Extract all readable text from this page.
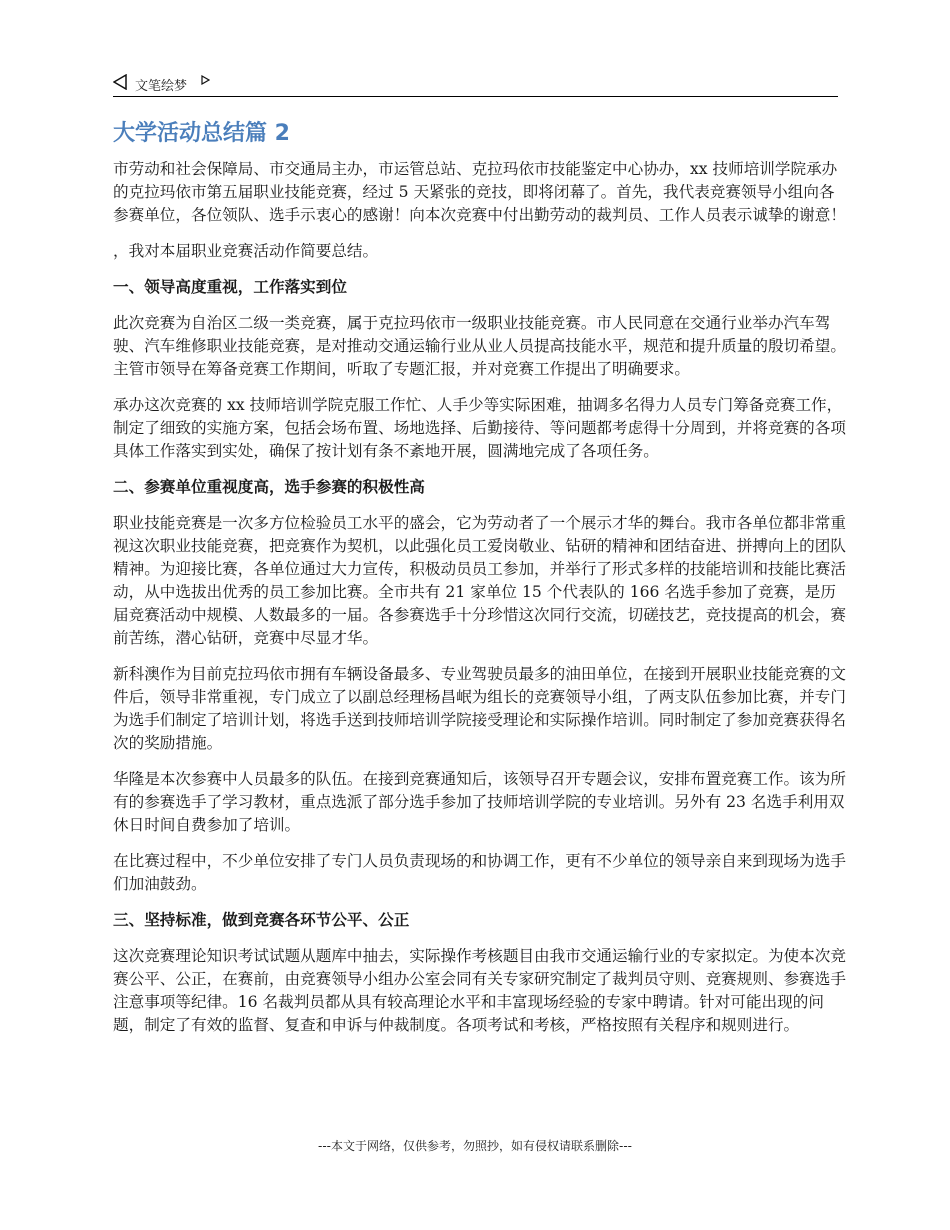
文笔绘梦
大学活动总结篇 2

市劳动和社会保障局、市交通局主办，市运管总站、克拉玛依市技能鉴定中心协办，xx 技师培训学院承办的克拉玛依市第五届职业技能竞赛，经过 5 天紧张的竞技，即将闭幕了。首先，我代表竞赛领导小组向各参赛单位，各位领队、选手示衷心的感谢！向本次竞赛中付出勤劳动的裁判员、工作人员表示诚挚的谢意！

，我对本届职业竞赛活动作简要总结。

一、领导高度重视，工作落实到位

此次竞赛为自治区二级一类竞赛，属于克拉玛依市一级职业技能竞赛。市人民同意在交通行业举办汽车驾驶、汽车维修职业技能竞赛，是对推动交通运输行业从业人员提高技能水平，规范和提升质量的殷切希望。主管市领导在筹备竞赛工作期间，听取了专题汇报，并对竞赛工作提出了明确要求。

承办这次竞赛的 xx 技师培训学院克服工作忙、人手少等实际困难，抽调多名得力人员专门筹备竞赛工作，制定了细致的实施方案，包括会场布置、场地选择、后勤接待、等问题都考虑得十分周到，并将竞赛的各项具体工作落实到实处，确保了按计划有条不紊地开展，圆满地完成了各项任务。

二、参赛单位重视度高，选手参赛的积极性高

职业技能竞赛是一次多方位检验员工水平的盛会，它为劳动者了一个展示才华的舞台。我市各单位都非常重视这次职业技能竞赛，把竞赛作为契机，以此强化员工爱岗敬业、钻研的精神和团结奋进、拼搏向上的团队精神。为迎接比赛，各单位通过大力宣传，积极动员员工参加，并举行了形式多样的技能培训和技能比赛活动，从中选拔出优秀的员工参加比赛。全市共有 21 家单位 15 个代表队的 166 名选手参加了竞赛，是历届竞赛活动中规模、人数最多的一届。各参赛选手十分珍惜这次同行交流，切磋技艺，竞技提高的机会，赛前苦练，潜心钻研，竞赛中尽显才华。

新科澳作为目前克拉玛依市拥有车辆设备最多、专业驾驶员最多的油田单位，在接到开展职业技能竞赛的文件后，领导非常重视，专门成立了以副总经理杨昌岷为组长的竞赛领导小组，了两支队伍参加比赛，并专门为选手们制定了培训计划，将选手送到技师培训学院接受理论和实际操作培训。同时制定了参加竞赛获得名次的奖励措施。

华隆是本次参赛中人员最多的队伍。在接到竞赛通知后，该领导召开专题会议，安排布置竞赛工作。该为所有的参赛选手了学习教材，重点选派了部分选手参加了技师培训学院的专业培训。另外有 23 名选手利用双休日时间自费参加了培训。

在比赛过程中，不少单位安排了专门人员负责现场的和协调工作，更有不少单位的领导亲自来到现场为选手们加油鼓劲。

三、坚持标准，做到竞赛各环节公平、公正

这次竞赛理论知识考试试题从题库中抽去，实际操作考核题目由我市交通运输行业的专家拟定。为使本次竞赛公平、公正，在赛前，由竞赛领导小组办公室会同有关专家研究制定了裁判员守则、竞赛规则、参赛选手注意事项等纪律。16 名裁判员都从具有较高理论水平和丰富现场经验的专家中聘请。针对可能出现的问题，制定了有效的监督、复查和申诉与仲裁制度。各项考试和考核，严格按照有关程序和规则进行。

---本文于网络，仅供参考，勿照抄，如有侵权请联系删除---
